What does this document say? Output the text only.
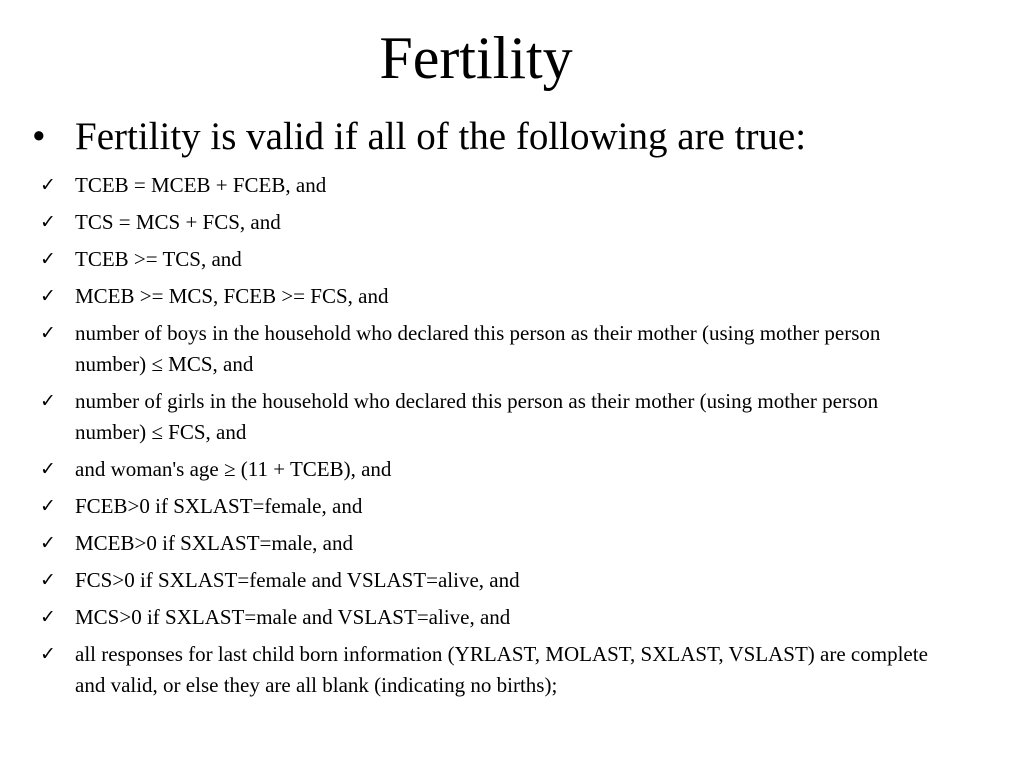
Fertility
• Fertility is valid if all of the following are true:
✓ TCEB = MCEB + FCEB, and
✓ TCS = MCS + FCS, and
✓ TCEB >= TCS, and
✓ MCEB >= MCS, FCEB >= FCS, and
✓ number of boys in the household who declared this person as their mother (using mother person number) ≤ MCS, and
✓ number of girls in the household who declared this person as their mother (using mother person number) ≤ FCS, and
✓ and woman's age ≥ (11 + TCEB), and
✓ FCEB>0 if SXLAST=female, and
✓ MCEB>0 if SXLAST=male, and
✓ FCS>0 if SXLAST=female and VSLAST=alive, and
✓ MCS>0 if SXLAST=male and VSLAST=alive, and
✓ all responses for last child born information (YRLAST, MOLAST, SXLAST, VSLAST) are complete and valid, or else they are all blank (indicating no births);
